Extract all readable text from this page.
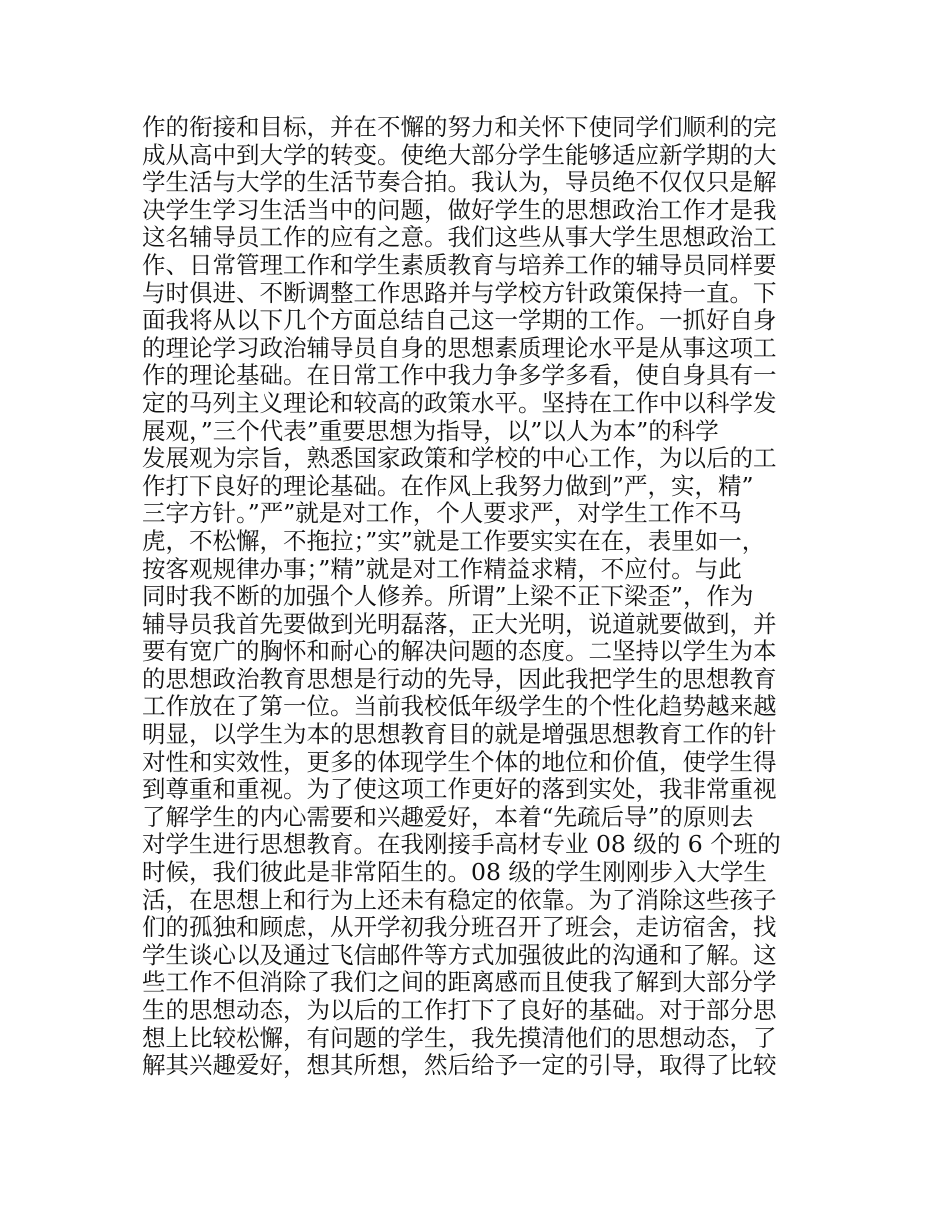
作的衔接和目标，并在不懈的努力和关怀下使同学们顺利的完
成从高中到大学的转变。使绝大部分学生能够适应新学期的大
学生活与大学的生活节奏合拍。我认为，导员绝不仅仅只是解
决学生学习生活当中的问题，做好学生的思想政治工作才是我
这名辅导员工作的应有之意。我们这些从事大学生思想政治工
作、日常管理工作和学生素质教育与培养工作的辅导员同样要
与时俱进、不断调整工作思路并与学校方针政策保持一直。下
面我将从以下几个方面总结自己这一学期的工作。一抓好自身
的理论学习政治辅导员自身的思想素质理论水平是从事这项工
作的理论基础。在日常工作中我力争多学多看，使自身具有一
定的马列主义理论和较高的政策水平。坚持在工作中以科学发
展观，”三个代表”重要思想为指导，以”以人为本”的科学
发展观为宗旨，熟悉国家政策和学校的中心工作，为以后的工
作打下良好的理论基础。在作风上我努力做到”严，实，精”
三字方针。”严”就是对工作，个人要求严，对学生工作不马
虎，不松懈，不拖拉；”实”就是工作要实实在在，表里如一，
按客观规律办事；”精”就是对工作精益求精，不应付。与此
同时我不断的加强个人修养。所谓”上梁不正下梁歪”，作为
辅导员我首先要做到光明磊落，正大光明，说道就要做到，并
要有宽广的胸怀和耐心的解决问题的态度。二坚持以学生为本
的思想政治教育思想是行动的先导，因此我把学生的思想教育
工作放在了第一位。当前我校低年级学生的个性化趋势越来越
明显，以学生为本的思想教育目的就是增强思想教育工作的针
对性和实效性，更多的体现学生个体的地位和价值，使学生得
到尊重和重视。为了使这项工作更好的落到实处，我非常重视
了解学生的内心需要和兴趣爱好，本着“先疏后导”的原则去
对学生进行思想教育。在我刚接手高材专业 08 级的 6 个班的
时候，我们彼此是非常陌生的。08 级的学生刚刚步入大学生
活，在思想上和行为上还未有稳定的依靠。为了消除这些孩子
们的孤独和顾虑，从开学初我分班召开了班会，走访宿舍，找
学生谈心以及通过飞信邮件等方式加强彼此的沟通和了解。这
些工作不但消除了我们之间的距离感而且使我了解到大部分学
生的思想动态，为以后的工作打下了良好的基础。对于部分思
想上比较松懈，有问题的学生，我先摸清他们的思想动态，了
解其兴趣爱好，想其所想，然后给予一定的引导，取得了比较
